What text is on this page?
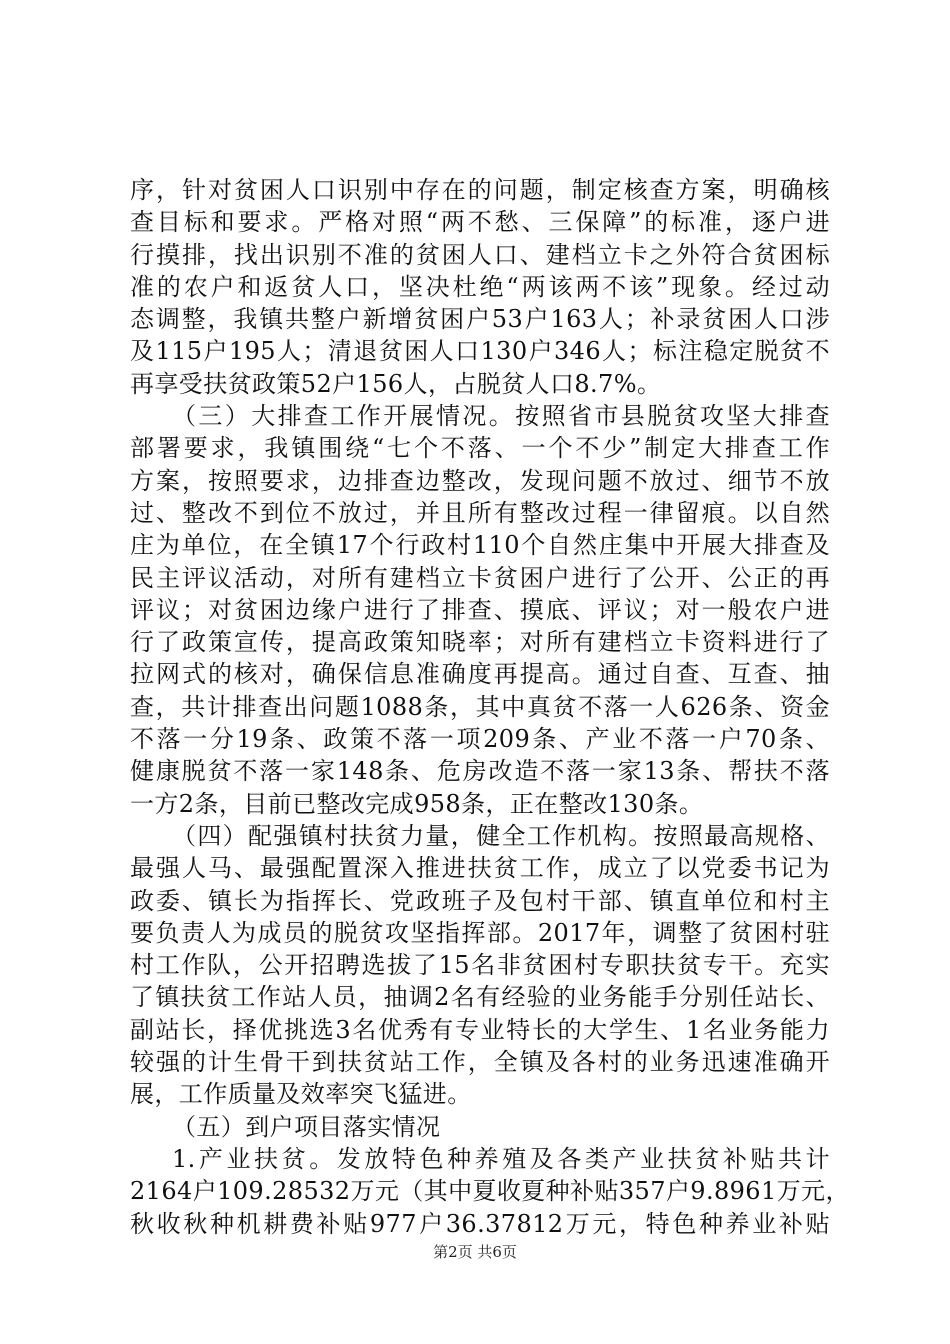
序，针对贫困人口识别中存在的问题，制定核查方案，明确核
查目标和要求。严格对照“两不愁、三保障”的标准，逐户进
行摸排，找出识别不准的贫困人口、建档立卡之外符合贫困标
准的农户和返贫人口，坚决杜绝“两该两不该”现象。经过动
态调整，我镇共整户新增贫困户53户163人；补录贫困人口涉
及115户195人；清退贫困人口130户346人；标注稳定脱贫不
再享受扶贫政策52户156人，占脱贫人口8.7%。
（三）大排查工作开展情况。按照省市县脱贫攻坚大排查
部署要求，我镇围绕“七个不落、一个不少”制定大排查工作
方案，按照要求，边排查边整改，发现问题不放过、细节不放
过、整改不到位不放过，并且所有整改过程一律留痕。以自然
庄为单位，在全镇17个行政村110个自然庄集中开展大排查及
民主评议活动，对所有建档立卡贫困户进行了公开、公正的再
评议；对贫困边缘户进行了排查、摸底、评议；对一般农户进
行了政策宣传，提高政策知晓率；对所有建档立卡资料进行了
拉网式的核对，确保信息准确度再提高。通过自查、互查、抽
查，共计排查出问题1088条，其中真贫不落一人626条、资金
不落一分19条、政策不落一项209条、产业不落一户70条、
健康脱贫不落一家148条、危房改造不落一家13条、帮扶不落
一方2条，目前已整改完成958条，正在整改130条。
（四）配强镇村扶贫力量，健全工作机构。按照最高规格、
最强人马、最强配置深入推进扶贫工作，成立了以党委书记为
政委、镇长为指挥长、党政班子及包村干部、镇直单位和村主
要负责人为成员的脱贫攻坚指挥部。2017年，调整了贫困村驻
村工作队，公开招聘选拔了15名非贫困村专职扶贫专干。充实
了镇扶贫工作站人员，抽调2名有经验的业务能手分别任站长、
副站长，择优挑选3名优秀有专业特长的大学生、1名业务能力
较强的计生骨干到扶贫站工作，全镇及各村的业务迅速准确开
展，工作质量及效率突飞猛进。
（五）到户项目落实情况
1.产业扶贫。发放特色种养殖及各类产业扶贫补贴共计
2164户109.28532万元（其中夏收夏种补贴357户9.8961万元，
秋收秋种机耕费补贴977户36.37812万元，特色种养业补贴
第2页 共6页
